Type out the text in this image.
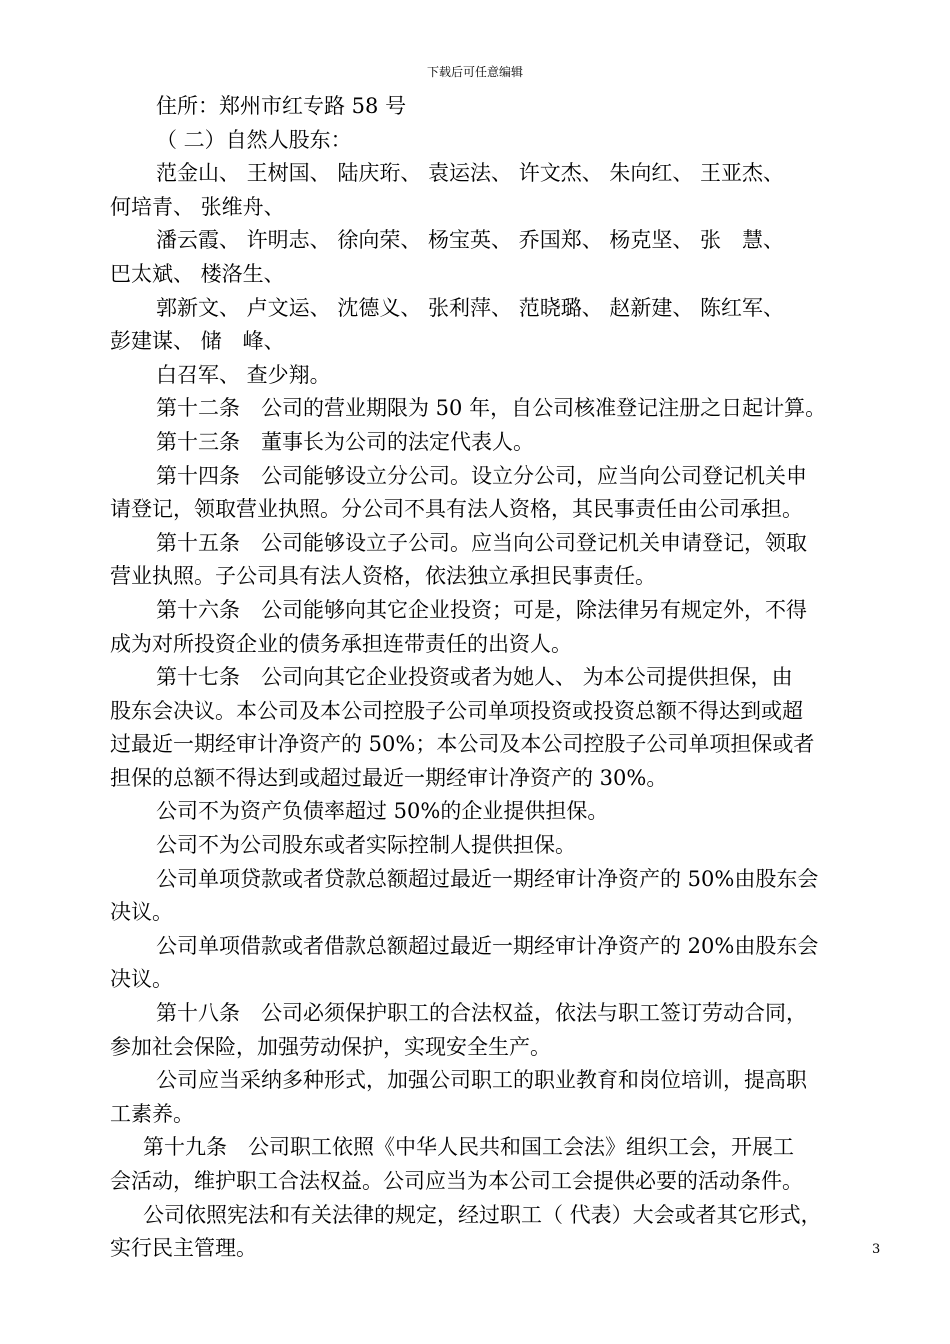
下载后可任意编辑
住所：郑州市红专路 58 号
（ 二）自然人股东：
范金山、 王树国、 陆庆珩、 袁运法、 许文杰、 朱向红、 王亚杰、
何培青、 张维舟、
潘云霞、 许明志、 徐向荣、 杨宝英、 乔国郑、 杨克坚、 张　慧、
巴太斌、 楼洛生、
郭新文、 卢文运、 沈德义、 张利萍、 范晓璐、 赵新建、 陈红军、
彭建谋、 储　峰、
白召军、 查少翔。
第十二条　公司的营业期限为 50 年，自公司核准登记注册之日起计算。
第十三条　董事长为公司的法定代表人。
第十四条　公司能够设立分公司。设立分公司，应当向公司登记机关申
请登记，领取营业执照。分公司不具有法人资格，其民事责任由公司承担。
第十五条　公司能够设立子公司。应当向公司登记机关申请登记，领取
营业执照。子公司具有法人资格，依法独立承担民事责任。
第十六条　公司能够向其它企业投资；可是，除法律另有规定外，不得
成为对所投资企业的债务承担连带责任的出资人。
第十七条　公司向其它企业投资或者为她人、 为本公司提供担保，由
股东会决议。本公司及本公司控股子公司单项投资或投资总额不得达到或超
过最近一期经审计净资产的 50%；本公司及本公司控股子公司单项担保或者
担保的总额不得达到或超过最近一期经审计净资产的 30%。
公司不为资产负债率超过 50%的企业提供担保。
公司不为公司股东或者实际控制人提供担保。
公司单项贷款或者贷款总额超过最近一期经审计净资产的 50%由股东会
决议。
公司单项借款或者借款总额超过最近一期经审计净资产的 20%由股东会
决议。
第十八条　公司必须保护职工的合法权益，依法与职工签订劳动合同，
参加社会保险，加强劳动保护，实现安全生产。
公司应当采纳多种形式，加强公司职工的职业教育和岗位培训，提高职
工素养。
第十九条　公司职工依照《中华人民共和国工会法》组织工会，开展工
会活动，维护职工合法权益。公司应当为本公司工会提供必要的活动条件。
公司依照宪法和有关法律的规定，经过职工（ 代表）大会或者其它形式，
实行民主管理。	3
